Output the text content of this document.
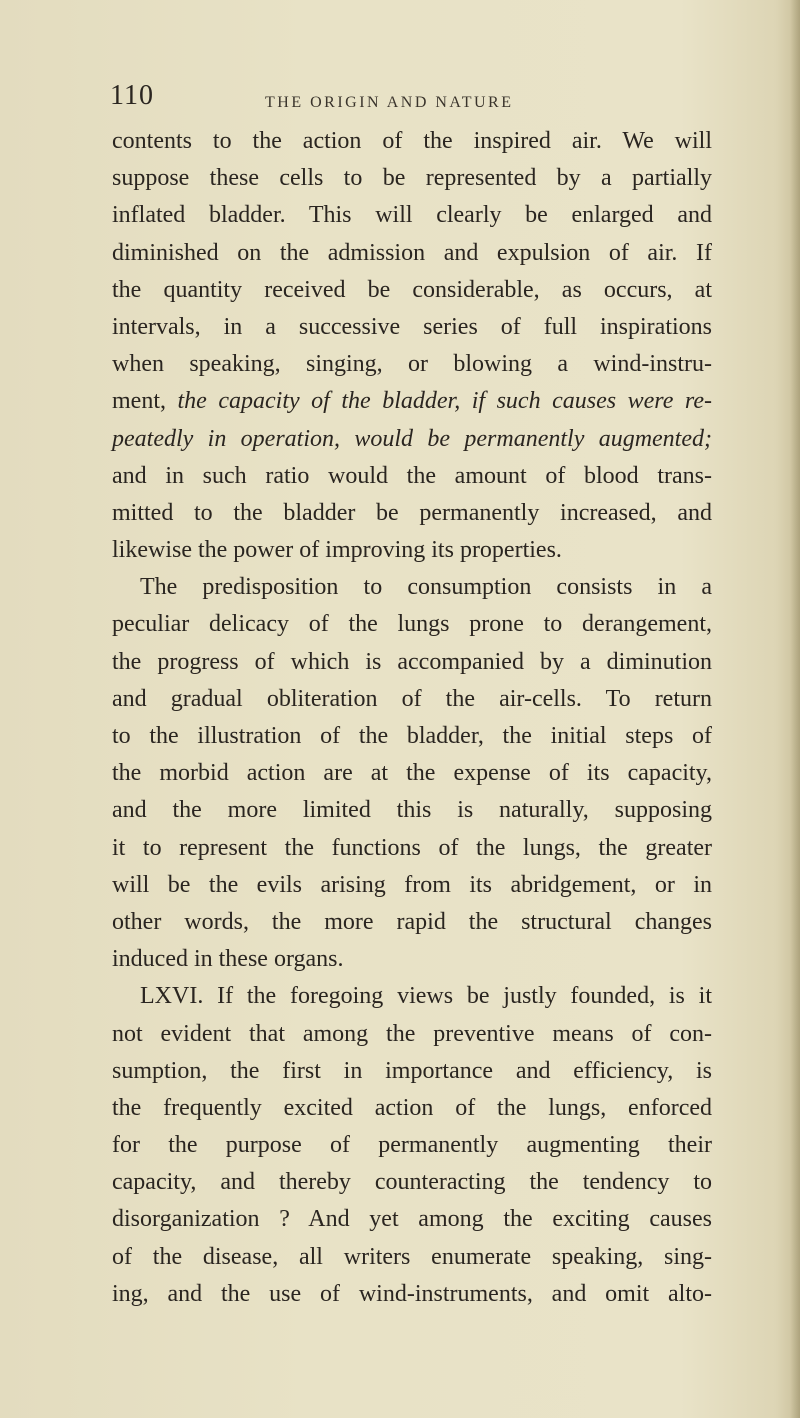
110	THE ORIGIN AND NATURE
contents to the action of the inspired air. We will
suppose these cells to be represented by a partially
inflated bladder. This will clearly be enlarged and
diminished on the admission and expulsion of air. If
the quantity received be considerable, as occurs, at
intervals, in a successive series of full inspirations
when speaking, singing, or blowing a wind-instru-
ment, the capacity of the bladder, if such causes were re-
peatedly in operation, would be permanently augmented;
and in such ratio would the amount of blood trans-
mitted to the bladder be permanently increased, and
likewise the power of improving its properties.
The predisposition to consumption consists in a
peculiar delicacy of the lungs prone to derangement,
the progress of which is accompanied by a diminution
and gradual obliteration of the air-cells. To return
to the illustration of the bladder, the initial steps of
the morbid action are at the expense of its capacity,
and the more limited this is naturally, supposing
it to represent the functions of the lungs, the greater
will be the evils arising from its abridgement, or in
other words, the more rapid the structural changes
induced in these organs.
LXVI. If the foregoing views be justly founded, is it
not evident that among the preventive means of con-
sumption, the first in importance and efficiency, is
the frequently excited action of the lungs, enforced
for the purpose of permanently augmenting their
capacity, and thereby counteracting the tendency to
disorganization ? And yet among the exciting causes
of the disease, all writers enumerate speaking, sing-
ing, and the use of wind-instruments, and omit alto-
